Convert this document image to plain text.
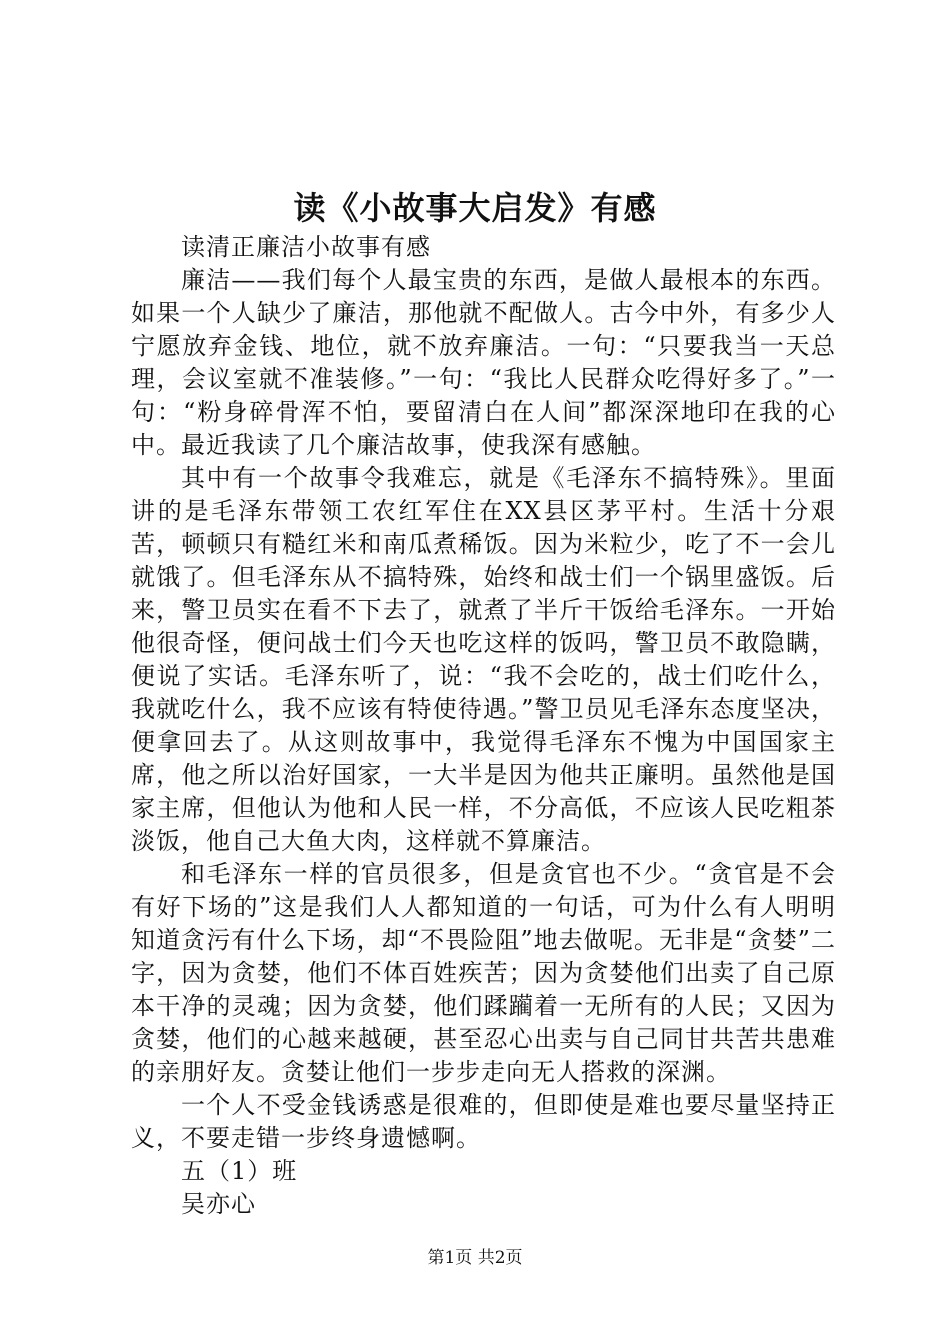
读《小故事大启发》有感

读清正廉洁小故事有感

廉洁——我们每个人最宝贵的东西，是做人最根本的东西。如果一个人缺少了廉洁，那他就不配做人。古今中外，有多少人宁愿放弃金钱、地位，就不放弃廉洁。一句：“只要我当一天总理，会议室就不准装修。”一句：“我比人民群众吃得好多了。”一句：“粉身碎骨浑不怕，要留清白在人间”都深深地印在我的心中。最近我读了几个廉洁故事，使我深有感触。

其中有一个故事令我难忘，就是《毛泽东不搞特殊》。里面讲的是毛泽东带领工农红军住在XX县区茅平村。生活十分艰苦，顿顿只有糙红米和南瓜煮稀饭。因为米粒少，吃了不一会儿就饿了。但毛泽东从不搞特殊，始终和战士们一个锅里盛饭。后来，警卫员实在看不下去了，就煮了半斤干饭给毛泽东。一开始他很奇怪，便问战士们今天也吃这样的饭吗，警卫员不敢隐瞒，便说了实话。毛泽东听了，说：“我不会吃的，战士们吃什么，我就吃什么，我不应该有特使待遇。”警卫员见毛泽东态度坚决，便拿回去了。从这则故事中，我觉得毛泽东不愧为中国国家主席，他之所以治好国家，一大半是因为他共正廉明。虽然他是国家主席，但他认为他和人民一样，不分高低，不应该人民吃粗茶淡饭，他自己大鱼大肉，这样就不算廉洁。

和毛泽东一样的官员很多，但是贪官也不少。“贪官是不会有好下场的”这是我们人人都知道的一句话，可为什么有人明明知道贪污有什么下场，却“不畏险阻”地去做呢。无非是“贪婪”二字，因为贪婪，他们不体百姓疾苦；因为贪婪他们出卖了自己原本干净的灵魂；因为贪婪，他们蹂躏着一无所有的人民；又因为贪婪，他们的心越来越硬，甚至忍心出卖与自己同甘共苦共患难的亲朋好友。贪婪让他们一步步走向无人搭救的深渊。

一个人不受金钱诱惑是很难的，但即使是难也要尽量坚持正义，不要走错一步终身遗憾啊。

五（1）班

吴亦心

第1页 共2页
